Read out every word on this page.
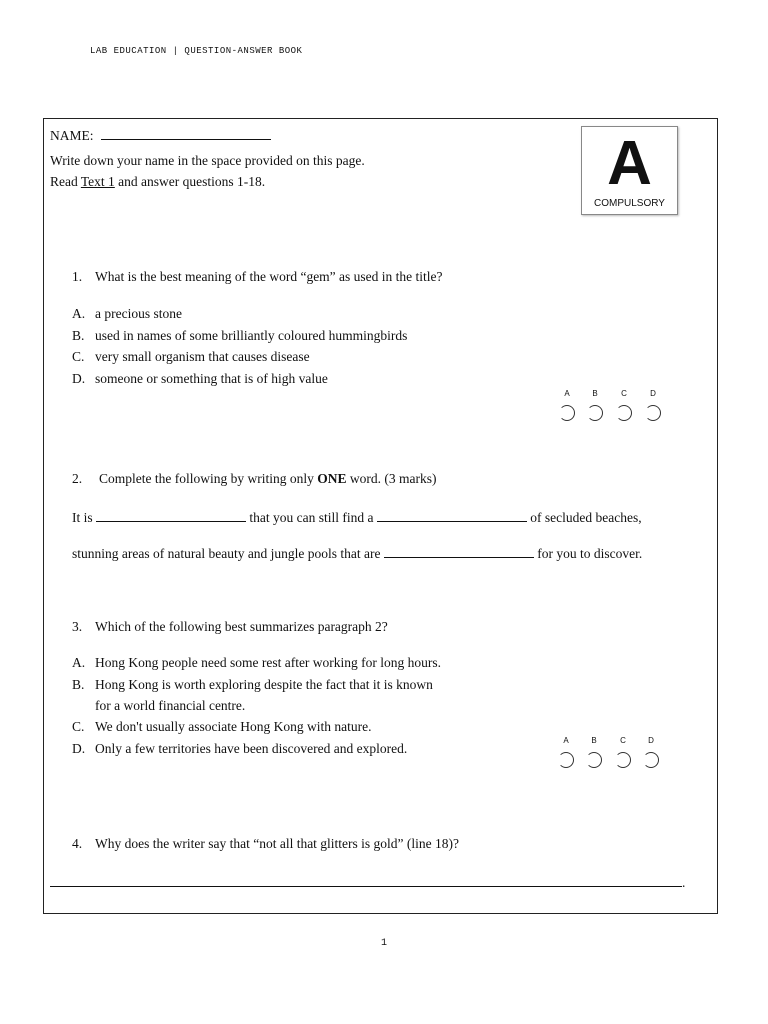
LAB EDUCATION | QUESTION-ANSWER BOOK
NAME:
Write down your name in the space provided on this page.
Read Text 1 and answer questions 1-18.	A
COMPULSORY
1. What is the best meaning of the word “gem” as used in the title?
A. a precious stone
B. used in names of some brilliantly coloured hummingbirds
C. very small organism that causes disease
D. someone or something that is of high value
A	B	C	D
2. Complete the following by writing only ONE word. (3 marks)
It is	that you can still find a	of secluded beaches,
stunning areas of natural beauty and jungle pools that are	for you to discover.
3. Which of the following best summarizes paragraph 2?
A. Hong Kong people need some rest after working for long hours.
B. Hong Kong is worth exploring despite the fact that it is known
for a world financial centre.
C. We don't usually associate Hong Kong with nature.
D. Only a few territories have been discovered and explored.
A	B	C	D
4. Why does the writer say that “not all that glitters is gold” (line 18)?
.
1
